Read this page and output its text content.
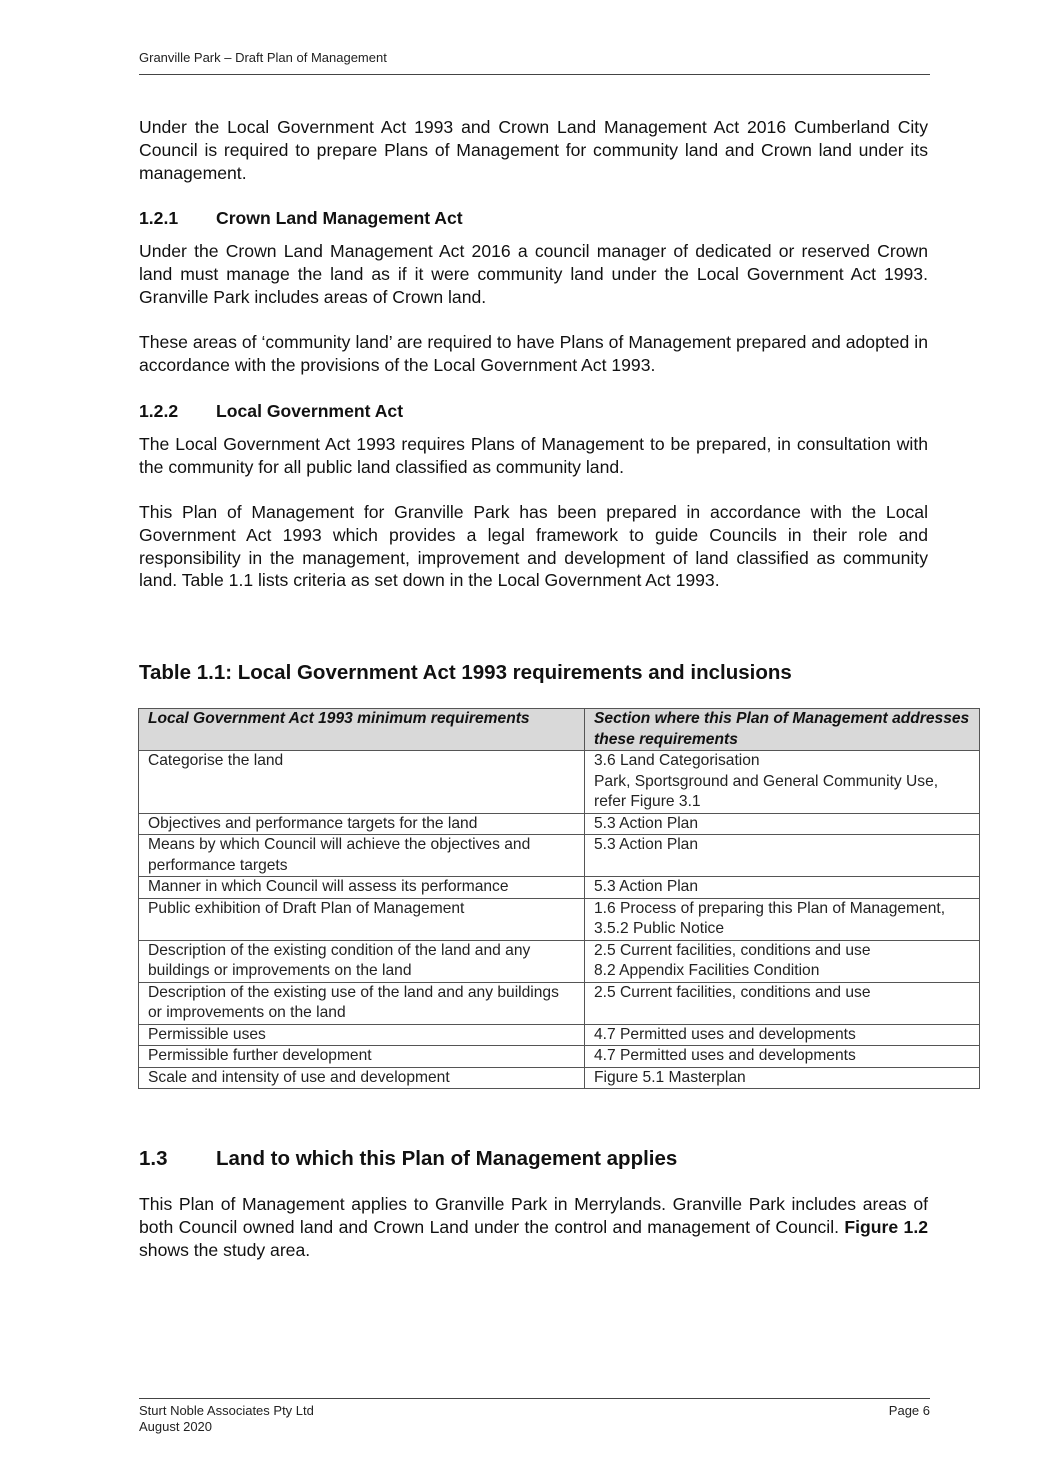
Granville Park – Draft Plan of Management

Under the Local Government Act 1993 and Crown Land Management Act 2016 Cumberland City Council is required to prepare Plans of Management for community land and Crown land under its management.

1.2.1 Crown Land Management Act

Under the Crown Land Management Act 2016 a council manager of dedicated or reserved Crown land must manage the land as if it were community land under the Local Government Act 1993. Granville Park includes areas of Crown land.

These areas of ‘community land’ are required to have Plans of Management prepared and adopted in accordance with the provisions of the Local Government Act 1993.

1.2.2 Local Government Act

The Local Government Act 1993 requires Plans of Management to be prepared, in consultation with the community for all public land classified as community land.

This Plan of Management for Granville Park has been prepared in accordance with the Local Government Act 1993 which provides a legal framework to guide Councils in their role and responsibility in the management, improvement and development of land classified as community land. Table 1.1 lists criteria as set down in the Local Government Act 1993.

Table 1.1: Local Government Act 1993 requirements and inclusions
Local Government Act 1993 minimum requirements	Section where this Plan of Management addresses these requirements
Categorise the land	3.6 Land Categorisation
Park, Sportsground and General Community Use, refer Figure 3.1

Objectives and performance targets for the land	5.3 Action Plan

Means by which Council will achieve the objectives and performance targets	5.3 Action Plan

Manner in which Council will assess its performance	5.3 Action Plan

Public exhibition of Draft Plan of Management	1.6 Process of preparing this Plan of Management, 3.5.2 Public Notice

Description of the existing condition of the land and any buildings or improvements on the land	2.5 Current facilities, conditions and use
8.2 Appendix Facilities Condition

Description of the existing use of the land and any buildings or improvements on the land	2.5 Current facilities, conditions and use

Permissible uses	4.7 Permitted uses and developments

Permissible further development	4.7 Permitted uses and developments

Scale and intensity of use and development	Figure 5.1 Masterplan
1.3 Land to which this Plan of Management applies

This Plan of Management applies to Granville Park in Merrylands. Granville Park includes areas of both Council owned land and Crown Land under the control and management of Council. Figure 1.2 shows the study area.

Sturt Noble Associates Pty Ltd
August 2020
Page 6
